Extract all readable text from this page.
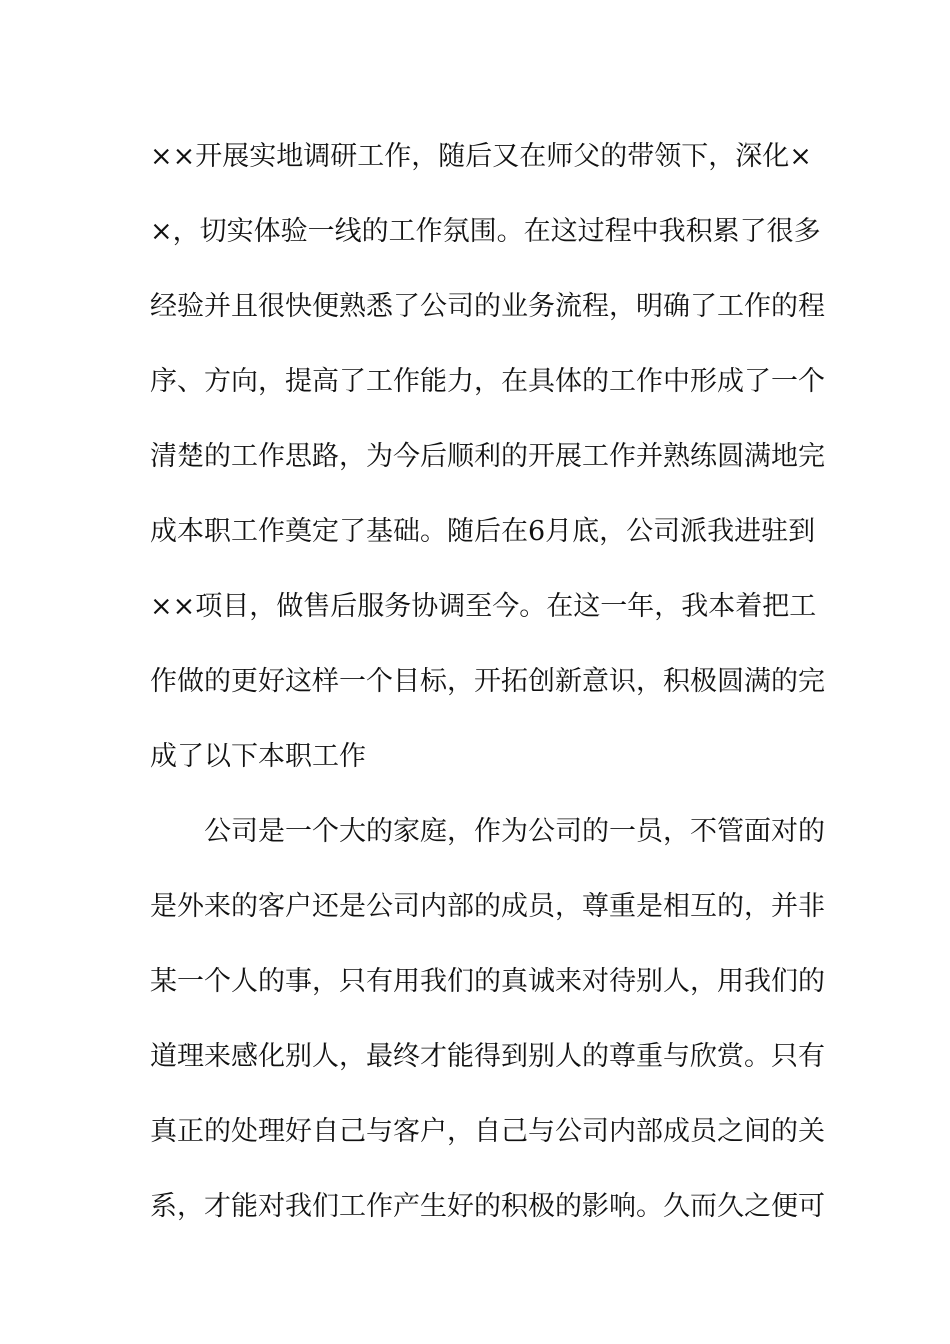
××开展实地调研工作，随后又在师父的带领下，深化×
×，切实体验一线的工作氛围。在这过程中我积累了很多
经验并且很快便熟悉了公司的业务流程，明确了工作的程
序、方向，提高了工作能力，在具体的工作中形成了一个
清楚的工作思路，为今后顺利的开展工作并熟练圆满地完
成本职工作奠定了基础。随后在6月底，公司派我进驻到
××项目，做售后服务协调至今。在这一年，我本着把工
作做的更好这样一个目标，开拓创新意识，积极圆满的完
成了以下本职工作

公司是一个大的家庭，作为公司的一员，不管面对的
是外来的客户还是公司内部的成员，尊重是相互的，并非
某一个人的事，只有用我们的真诚来对待别人，用我们的
道理来感化别人，最终才能得到别人的尊重与欣赏。只有
真正的处理好自己与客户，自己与公司内部成员之间的关
系，才能对我们工作产生好的积极的影响。久而久之便可
